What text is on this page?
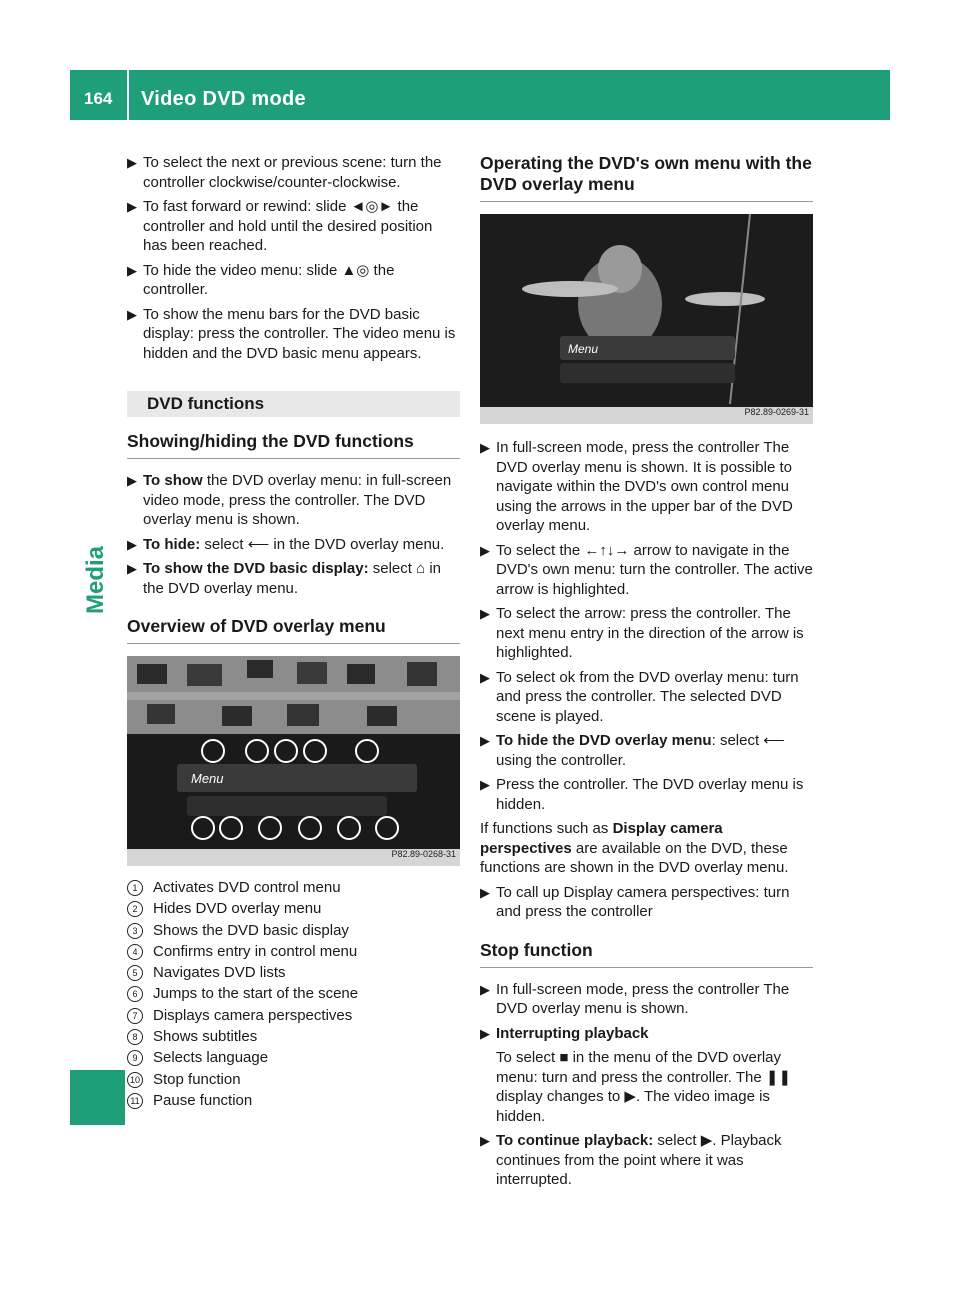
164 Video DVD mode
Media
▶ To select the next or previous scene: turn the controller clockwise/counter-clockwise.

▶ To fast forward or rewind: slide ◄◎► the controller and hold until the desired position has been reached.

▶ To hide the video menu: slide ▲◎ the controller.

▶ To show the menu bars for the DVD basic display: press the controller. The video menu is hidden and the DVD basic menu appears.

DVD functions
Showing/hiding the DVD functions
▶ To show the DVD overlay menu: in full-screen video mode, press the controller. The DVD overlay menu is shown.

▶ To hide: select ⟵ in the DVD overlay menu.

▶ To show the DVD basic display: select ⌂ in the DVD overlay menu.

Overview of DVD overlay menu
Menu
P82.89-0268-31
1	Activates DVD control menu
2	Hides DVD overlay menu
3	Shows the DVD basic display
4	Confirms entry in control menu
5	Navigates DVD lists
6	Jumps to the start of the scene
7	Displays camera perspectives
8	Shows subtitles
9	Selects language
10 Stop function
11 Pause function
Operating the DVD's own menu with the DVD overlay menu
Menu
P82.89-0269-31
▶ In full-screen mode, press the controller The DVD overlay menu is shown. It is possible to navigate within the DVD's own control menu using the arrows in the upper bar of the DVD overlay menu.

▶ To select the ←↑↓→ arrow to navigate in the DVD's own menu: turn the controller. The active arrow is highlighted.

▶ To select the arrow: press the controller. The next menu entry in the direction of the arrow is highlighted.

▶ To select ok from the DVD overlay menu: turn and press the controller. The selected DVD scene is played.

▶ To hide the DVD overlay menu: select ⟵ using the controller.

▶ Press the controller. The DVD overlay menu is hidden.

If functions such as Display camera perspectives are available on the DVD, these functions are shown in the DVD overlay menu.

▶ To call up Display camera perspectives: turn and press the controller

Stop function
▶ In full-screen mode, press the controller The DVD overlay menu is shown.

▶ Interrupting playback

To select ■ in the menu of the DVD overlay menu: turn and press the controller. The ❚❚ display changes to ▶. The video image is hidden.

▶ To continue playback: select ▶. Playback continues from the point where it was interrupted.
